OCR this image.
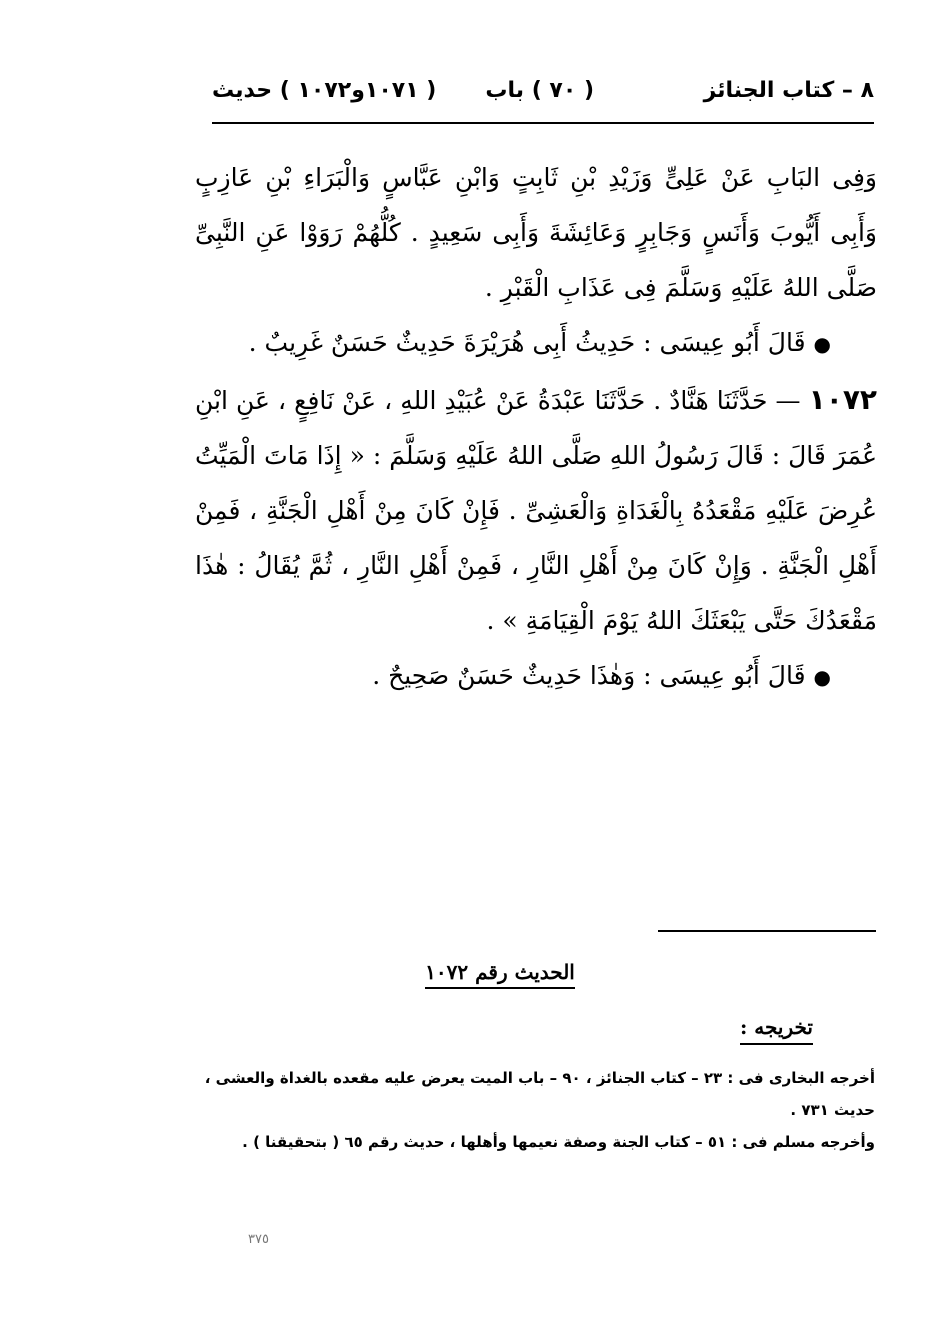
٨ – كتاب الجنائز
( ٧٠ ) باب
( ١٠٧١و١٠٧٢ ) حديث

وَفِى البَابِ عَنْ عَلِىٍّ وَزَيْدِ بْنِ ثَابِتٍ وَابْنِ عَبَّاسٍ وَالْبَرَاءِ بْنِ عَازِبٍ وَأَبِى أَيُّوبَ وَأَنَسٍ وَجَابِرٍ وَعَائِشَةَ وَأَبِى سَعِيدٍ . كُلُّهُمْ رَوَوْا عَنِ النَّبِىِّ صَلَّى اللهُ عَلَيْهِ وَسَلَّمَ فِى عَذَابِ الْقَبْرِ .

●قَالَ أَبُو عِيسَى : حَدِيثُ أَبِى هُرَيْرَةَ حَدِيثٌ حَسَنٌ غَرِيبٌ .

١٠٧٢ — حَدَّثَنَا هَنَّادٌ . حَدَّثَنَا عَبْدَةُ عَنْ عُبَيْدِ اللهِ ، عَنْ نَافِعٍ ، عَنِ ابْنِ عُمَرَ قَالَ : قَالَ رَسُولُ اللهِ صَلَّى اللهُ عَلَيْهِ وَسَلَّمَ : « إِذَا مَاتَ الْمَيِّتُ عُرِضَ عَلَيْهِ مَقْعَدُهُ بِالْغَدَاةِ وَالْعَشِىِّ . فَإِنْ كَانَ مِنْ أَهْلِ الْجَنَّةِ ، فَمِنْ أَهْلِ الْجَنَّةِ . وَإِنْ كَانَ مِنْ أَهْلِ النَّارِ ، فَمِنْ أَهْلِ النَّارِ ، ثُمَّ يُقَالُ : هٰذَا مَقْعَدُكَ حَتَّى يَبْعَثَكَ اللهُ يَوْمَ الْقِيَامَةِ » .

●قَالَ أَبُو عِيسَى : وَهٰذَا حَدِيثٌ حَسَنٌ صَحِيحٌ .

الحديث رقم ١٠٧٢
تخريجه :

أخرجه البخارى فى : ٢٣ – كتاب الجنائز ، ٩٠ – باب الميت يعرض عليه مقعده بالغداة والعشى ، حديث ٧٣١ .

وأخرجه مسلم فى : ٥١ – كتاب الجنة وصفة نعيمها وأهلها ، حديث رقم ٦٥ ( بتحقيقنا ) .

٣٧٥
